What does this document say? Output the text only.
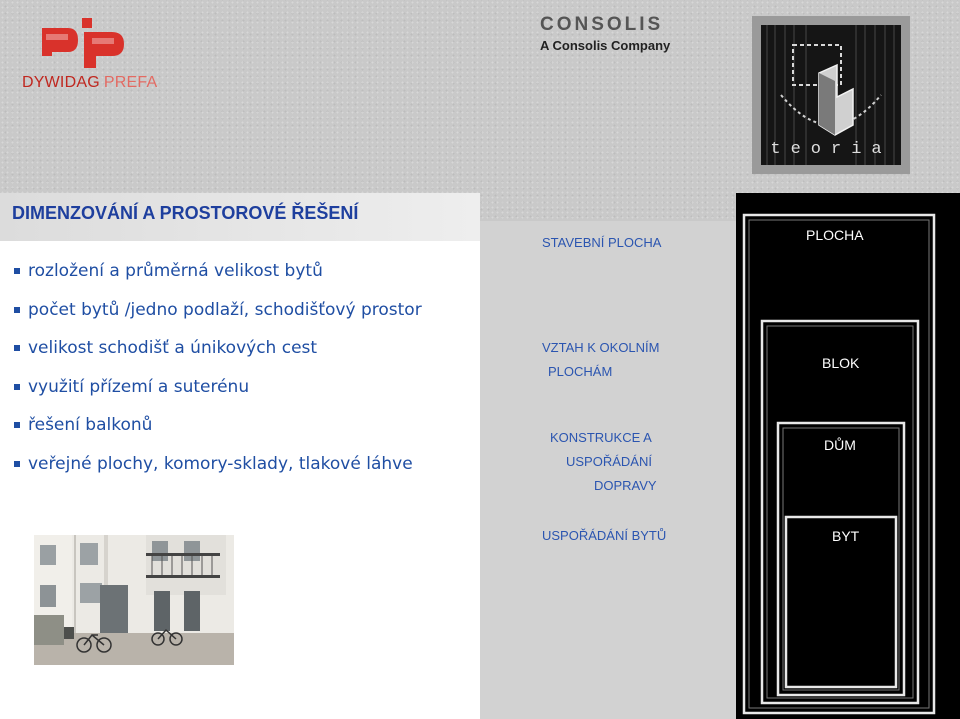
DYWIDAG PREFA
CONSOLIS
A Consolis Company
teoria
DIMENZOVÁNÍ A PROSTOROVÉ ŘEŠENÍ
rozložení a průměrná velikost bytů
počet bytů /jedno podlaží, schodišťový prostor
velikost schodišť a únikových cest
využití přízemí a suterénu
řešení balkonů
veřejné plochy, komory-sklady, tlakové láhve
STAVEBNÍ PLOCHA
VZTAH K OKOLNÍM
PLOCHÁM
KONSTRUKCE A
USPOŘÁDÁNÍ
DOPRAVY
USPOŘÁDÁNÍ BYTŮ
PLOCHA
BLOK
DŮM
BYT
